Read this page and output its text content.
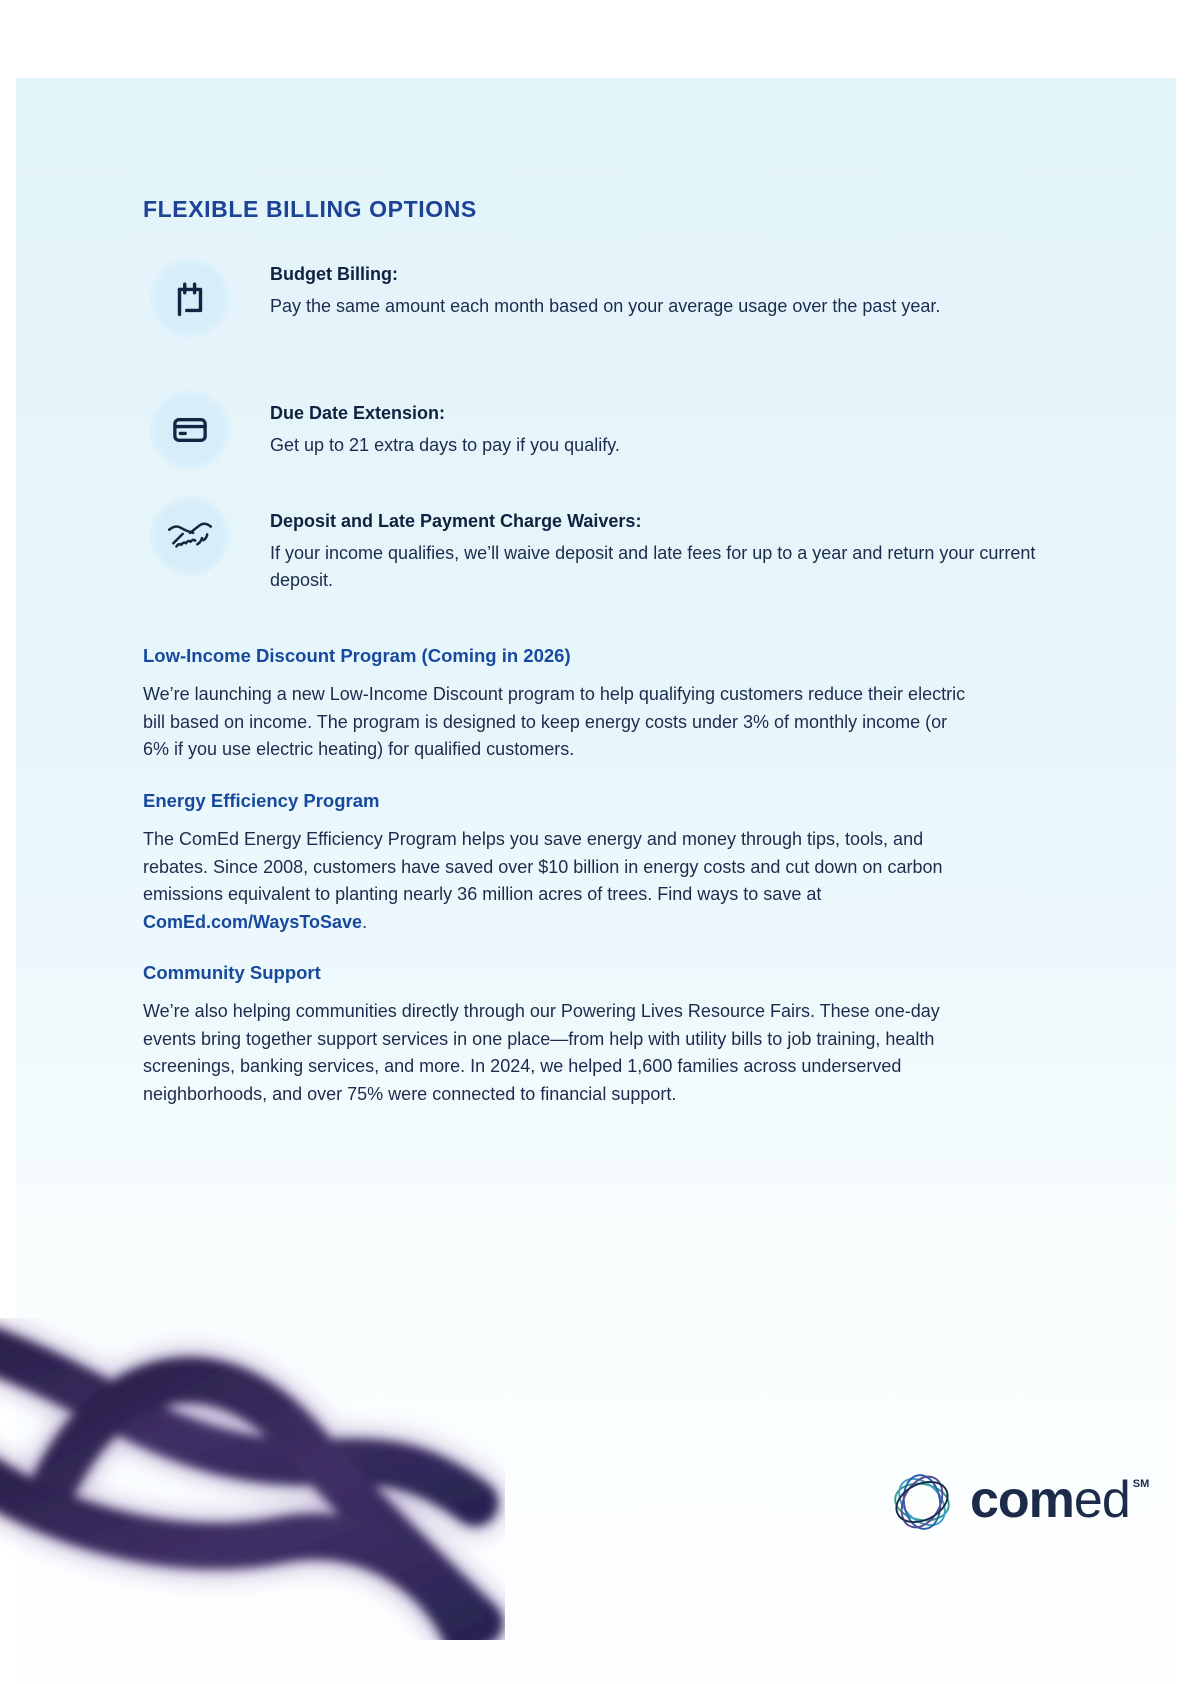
FLEXIBLE BILLING OPTIONS
Budget Billing:
Pay the same amount each month based on your average usage over the past year.
Due Date Extension:
Get up to 21 extra days to pay if you qualify.
Deposit and Late Payment Charge Waivers:
If your income qualifies, we’ll waive deposit and late fees for up to a year and return your current deposit.
Low-Income Discount Program (Coming in 2026)

We’re launching a new Low-Income Discount program to help qualifying customers reduce their electric bill based on income. The program is designed to keep energy costs under 3% of monthly income (or 6% if you use electric heating) for qualified customers.

Energy Efficiency Program

The ComEd Energy Efficiency Program helps you save energy and money through tips, tools, and rebates. Since 2008, customers have saved over $10 billion in energy costs and cut down on carbon emissions equivalent to planting nearly 36 million acres of trees. Find ways to save at ComEd.com/WaysToSave.

Community Support

We’re also helping communities directly through our Powering Lives Resource Fairs. These one-day events bring together support services in one place—from help with utility bills to job training, health screenings, banking services, and more. In 2024, we helped 1,600 families across underserved neighborhoods, and over 75% were connected to financial support.

comed ℠
